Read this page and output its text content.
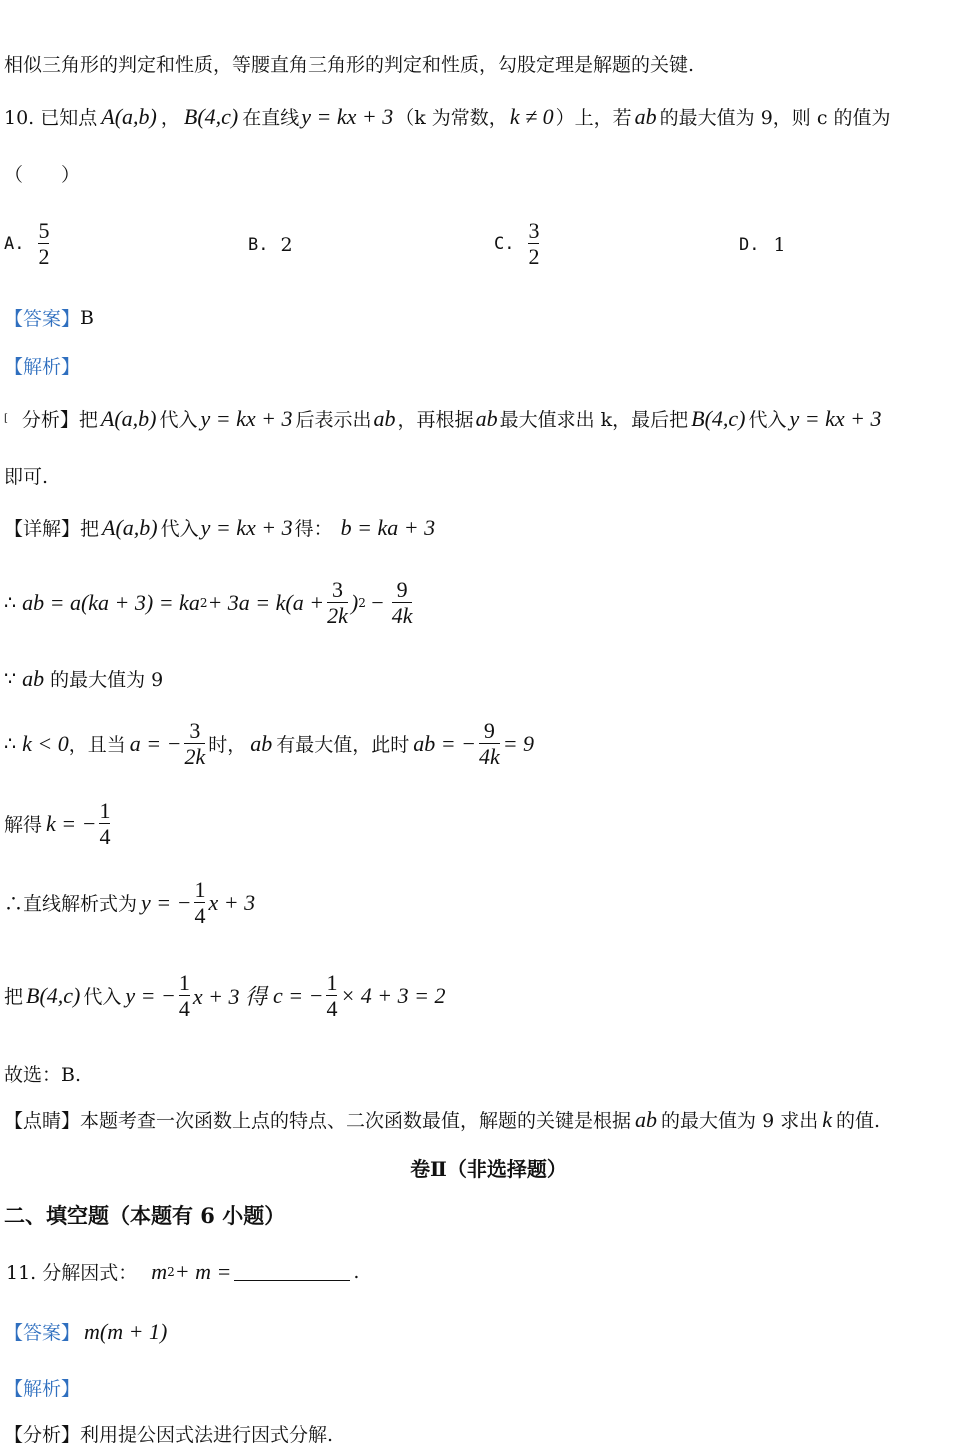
相似三角形的判定和性质，等腰直角三角形的判定和性质，勾股定理是解题的关键.
10. 已知点 A(a,b) ， B(4,c) 在直线 y = kx + 3 （k 为常数， k ≠ 0 ）上，若 ab 的最大值为 9，则 c 的值为
（　　）
A. $\frac{5}{2}$	B. 2	C. $\frac{3}{2}$	D. 1
【答案】 B
【解析】
[ 分析】把 A(a,b) 代入 y = kx + 3 后表示出 ab ，再根据 ab 最大值求出 k，最后把 B(4,c) 代入 y = kx + 3
即可.
【详解】把 A(a,b) 代入 y = kx + 3 得： b = ka + 3
∴ ab = a(ka + 3) = ka $2 + 3a = k(a + \frac{3}{2k}$ ) $2 - \frac{9}{4k}$
∵ ab 的最大值为 9
∴ k < 0 ，且当 a = − $\frac{3}{2k}$ 时， ab 有最大值，此时 ab = − $\frac{9}{4k} = 9$
解得 k = − $\frac{1}{4}$
∴直线解析式为 y = − $\frac{1}{4}$ x + 3
把 B(4,c) 代入 y = − $\frac{1}{4}$ x + 3 得 c = − $\frac{1}{4} \times 4 + 3 = 2$
故选：B.
【点睛】 本题考查一次函数上点的特点、二次函数最值，解题的关键是根据 ab 的最大值为 9 求出 k 的值.
卷Ⅱ（非选择题）
二、填空题（本题有 6 小题）
11. 分解因式： m 2 + m =	.
【答案】 m(m + 1)
【解析】
【分析】 利用提公因式法进行因式分解.
